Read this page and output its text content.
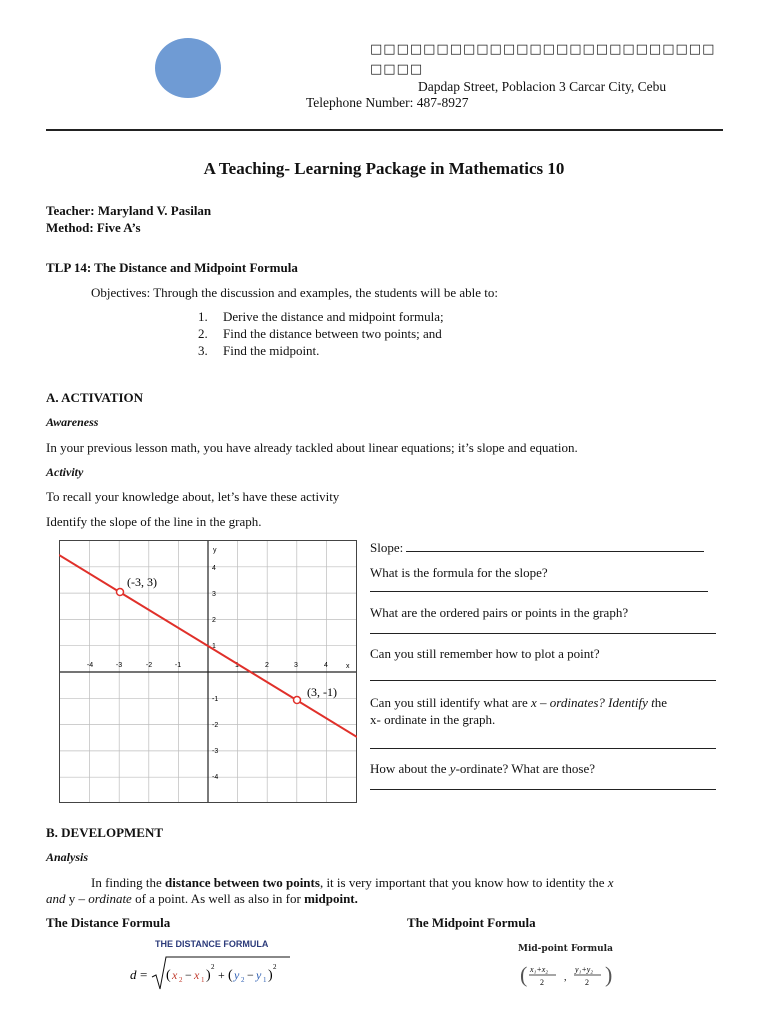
□□□□□□□□□□□□□□□□□□□□□□□□□□□□□□
Dapdap Street, Poblacion 3 Carcar City, Cebu
Telephone Number: 487-8927
A Teaching- Learning Package in Mathematics 10
Teacher: Maryland V. Pasilan
Method: Five A’s
TLP 14: The Distance and Midpoint Formula
Objectives: Through the discussion and examples, the students will be able to:
1. Derive the distance and midpoint formula;
2. Find the distance between two points; and
3. Find the midpoint.
A. ACTIVATION
Awareness
In your previous lesson math, you have already tackled about linear equations; it’s slope and equation.
Activity
To recall your knowledge about, let’s have these activity
Identify the slope of the line in the graph.
y
x
-4	-3	-2	-1	1	2	3	4
4
3
2
1
-1
-2
-3
-4
(-3, 3)
(3, -1)
Slope:
What is the formula for the slope?
What are the ordered pairs or points in the graph?
Can you still remember how to plot a point?
Can you still identify what are x – ordinates? Identify the
x- ordinate in the graph.
How about the y-ordinate? What are those?
B. DEVELOPMENT
Analysis
In finding the distance between two points, it is very important that you know how to identity the x
and y – ordinate of a point. As well as also in for midpoint.
The Distance Formula	The Midpoint Formula
THE DISTANCE FORMULA
d = ( x 2 − x 1 )
2
+ ( y 2 − y 1 )
2
Mid-point Formula
( x₁+x₂
2 ,
y₁+y₂
2 )
